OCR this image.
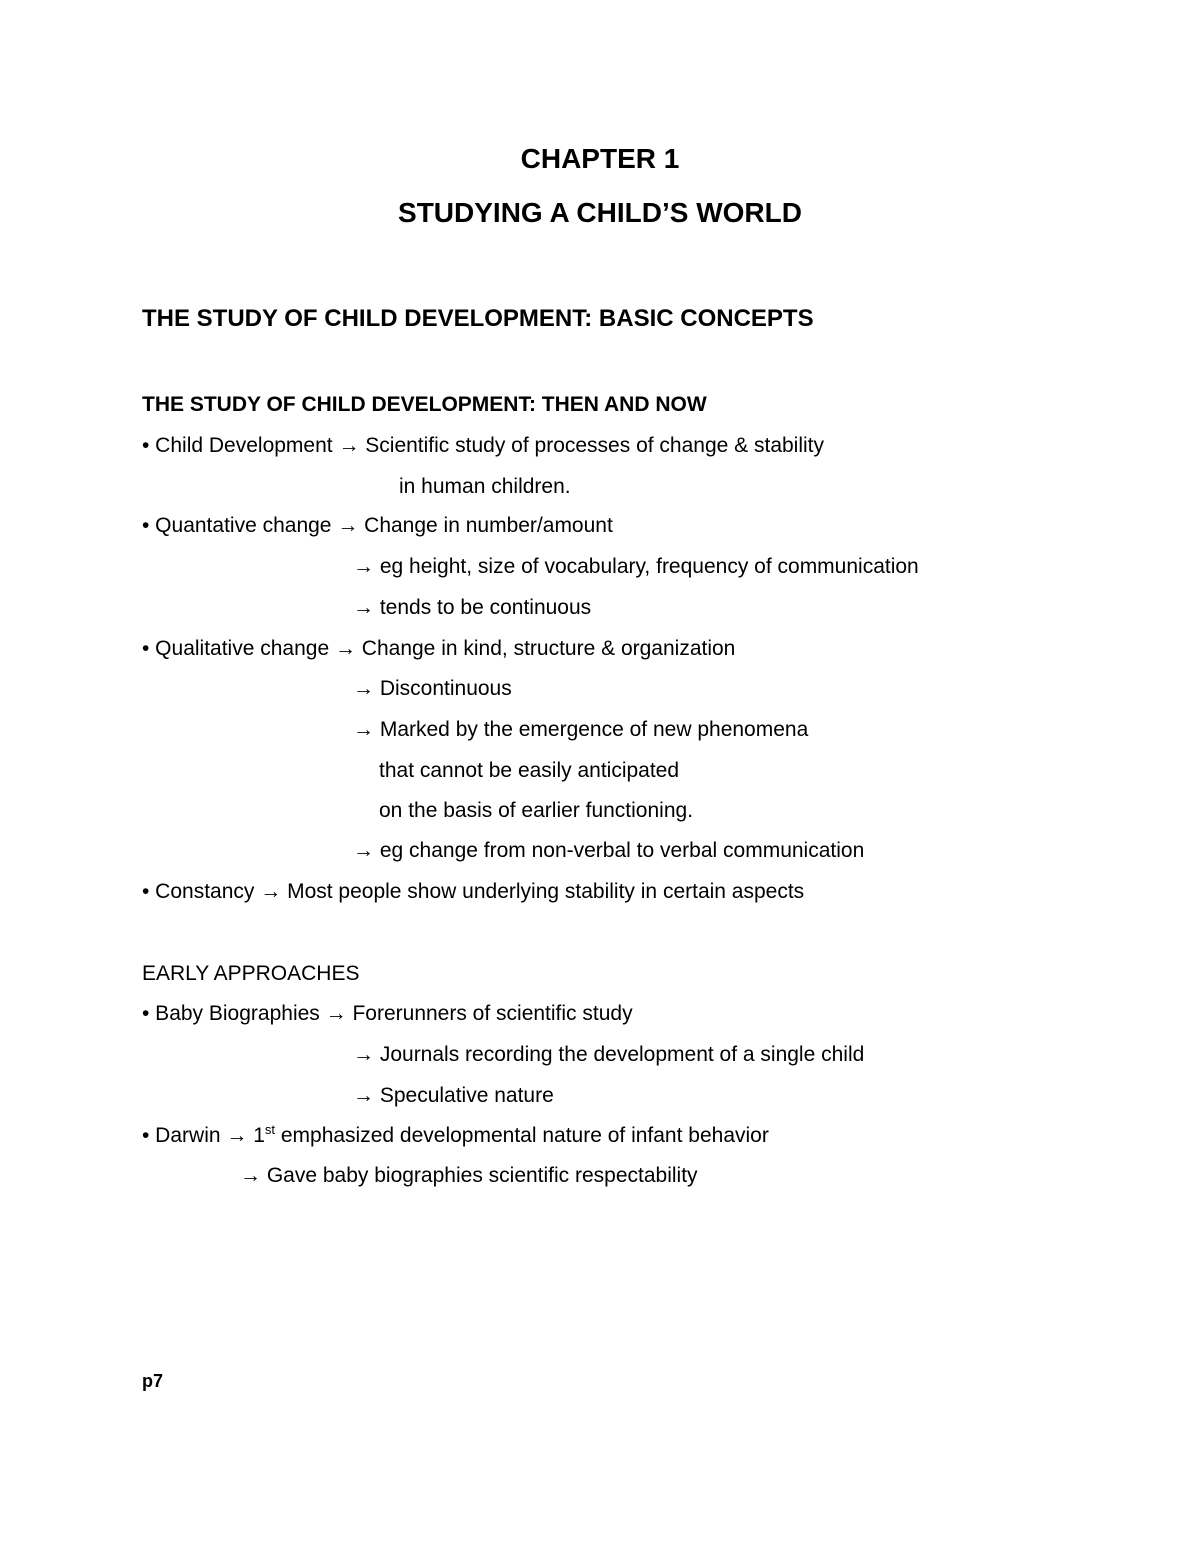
CHAPTER 1
STUDYING A CHILD’S WORLD
THE STUDY OF CHILD DEVELOPMENT: BASIC CONCEPTS
THE STUDY OF CHILD DEVELOPMENT: THEN AND NOW
• Child Development → Scientific study of processes of change & stability
in human children.
• Quantative change → Change in number/amount
→ eg height, size of vocabulary, frequency of communication
→ tends to be continuous
• Qualitative change → Change in kind, structure & organization
→ Discontinuous
→ Marked by the emergence of new phenomena
that cannot be easily anticipated
on the basis of earlier functioning.
→ eg change from non-verbal to verbal communication
• Constancy → Most people show underlying stability in certain aspects
EARLY APPROACHES
• Baby Biographies → Forerunners of scientific study
→ Journals recording the development of a single child
→ Speculative nature
• Darwin → 1st emphasized developmental nature of infant behavior
→ Gave baby biographies scientific respectability
p7
